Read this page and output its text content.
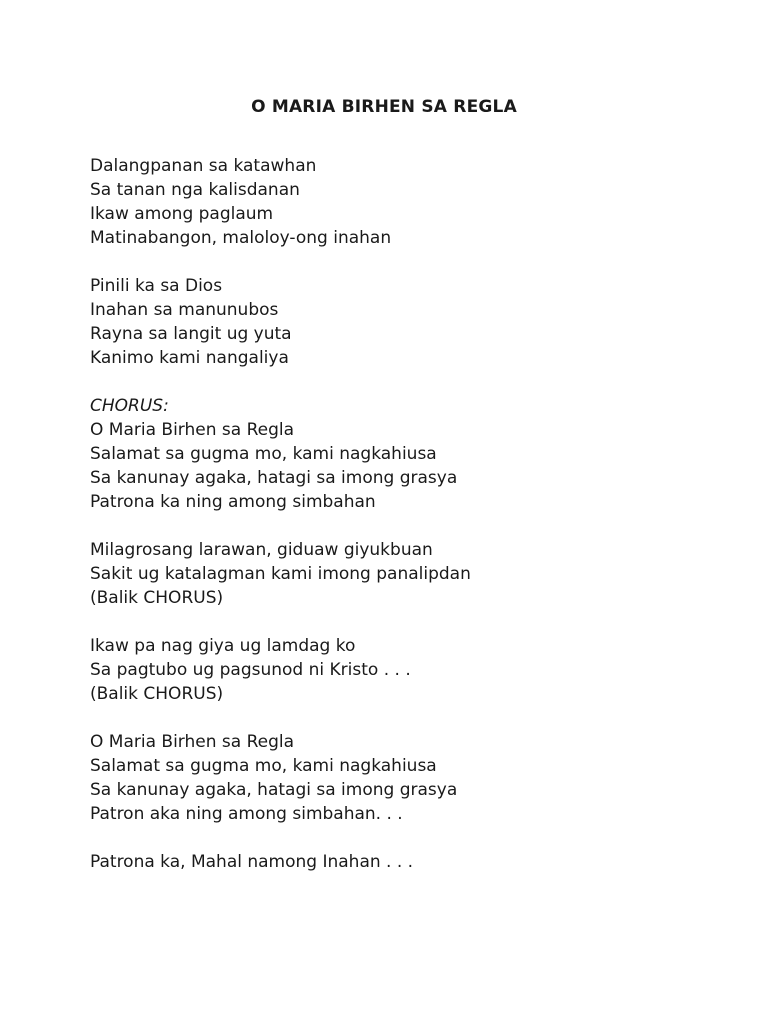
O MARIA BIRHEN SA REGLA
Dalangpanan sa katawhan
Sa tanan nga kalisdanan
Ikaw among paglaum
Matinabangon, maloloy-ong inahan
Pinili ka sa Dios
Inahan sa manunubos
Rayna sa langit ug yuta
Kanimo kami nangaliya
CHORUS:
O Maria Birhen sa Regla
Salamat sa gugma mo, kami nagkahiusa
Sa kanunay agaka, hatagi sa imong grasya
Patrona ka ning among simbahan
Milagrosang larawan, giduaw giyukbuan
Sakit ug katalagman kami imong panalipdan
(Balik CHORUS)
Ikaw pa nag giya ug lamdag ko
Sa pagtubo ug pagsunod ni Kristo . . .
(Balik CHORUS)
O Maria Birhen sa Regla
Salamat sa gugma mo, kami nagkahiusa
Sa kanunay agaka, hatagi sa imong grasya
Patron aka ning among simbahan. . .
Patrona ka, Mahal namong Inahan . . .
